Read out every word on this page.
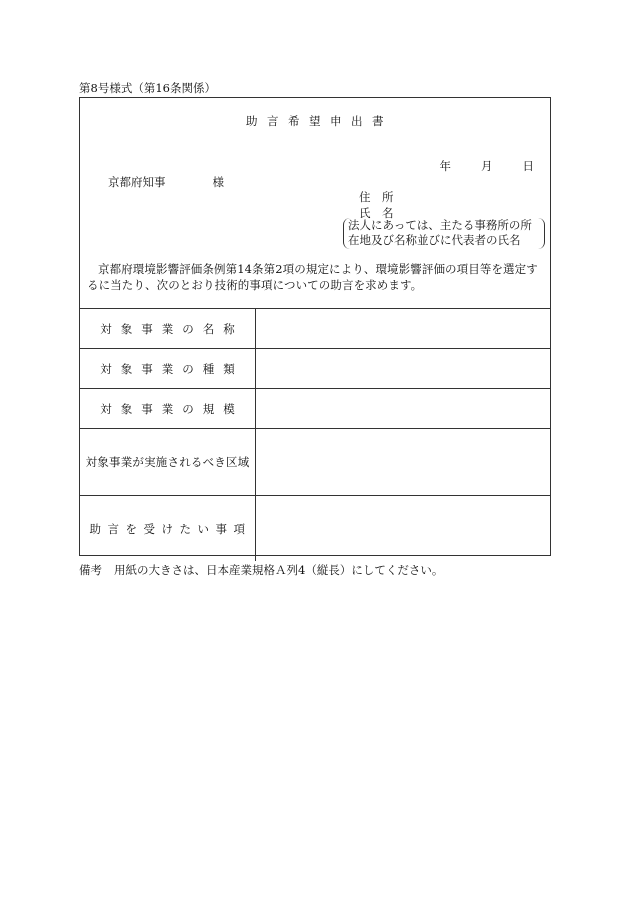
第8号様式（第16条関係）
助言希望申出書
年	月	日
京都府知事	様
住　所
氏　名
法人にあっては、主たる事務所の所
在地及び名称並びに代表者の氏名
京都府環境影響評価条例第14条第2項の規定により、環境影響評価の項目等を選定するに当たり、次のとおり技術的事項についての助言を求めます。
対象事業の名称
対象事業の種類
対象事業の規模
対象事業が実施されるべき区域
助言を受けたい事項
備考 用紙の大きさは、日本産業規格Ａ列4（縦長）にしてください。
